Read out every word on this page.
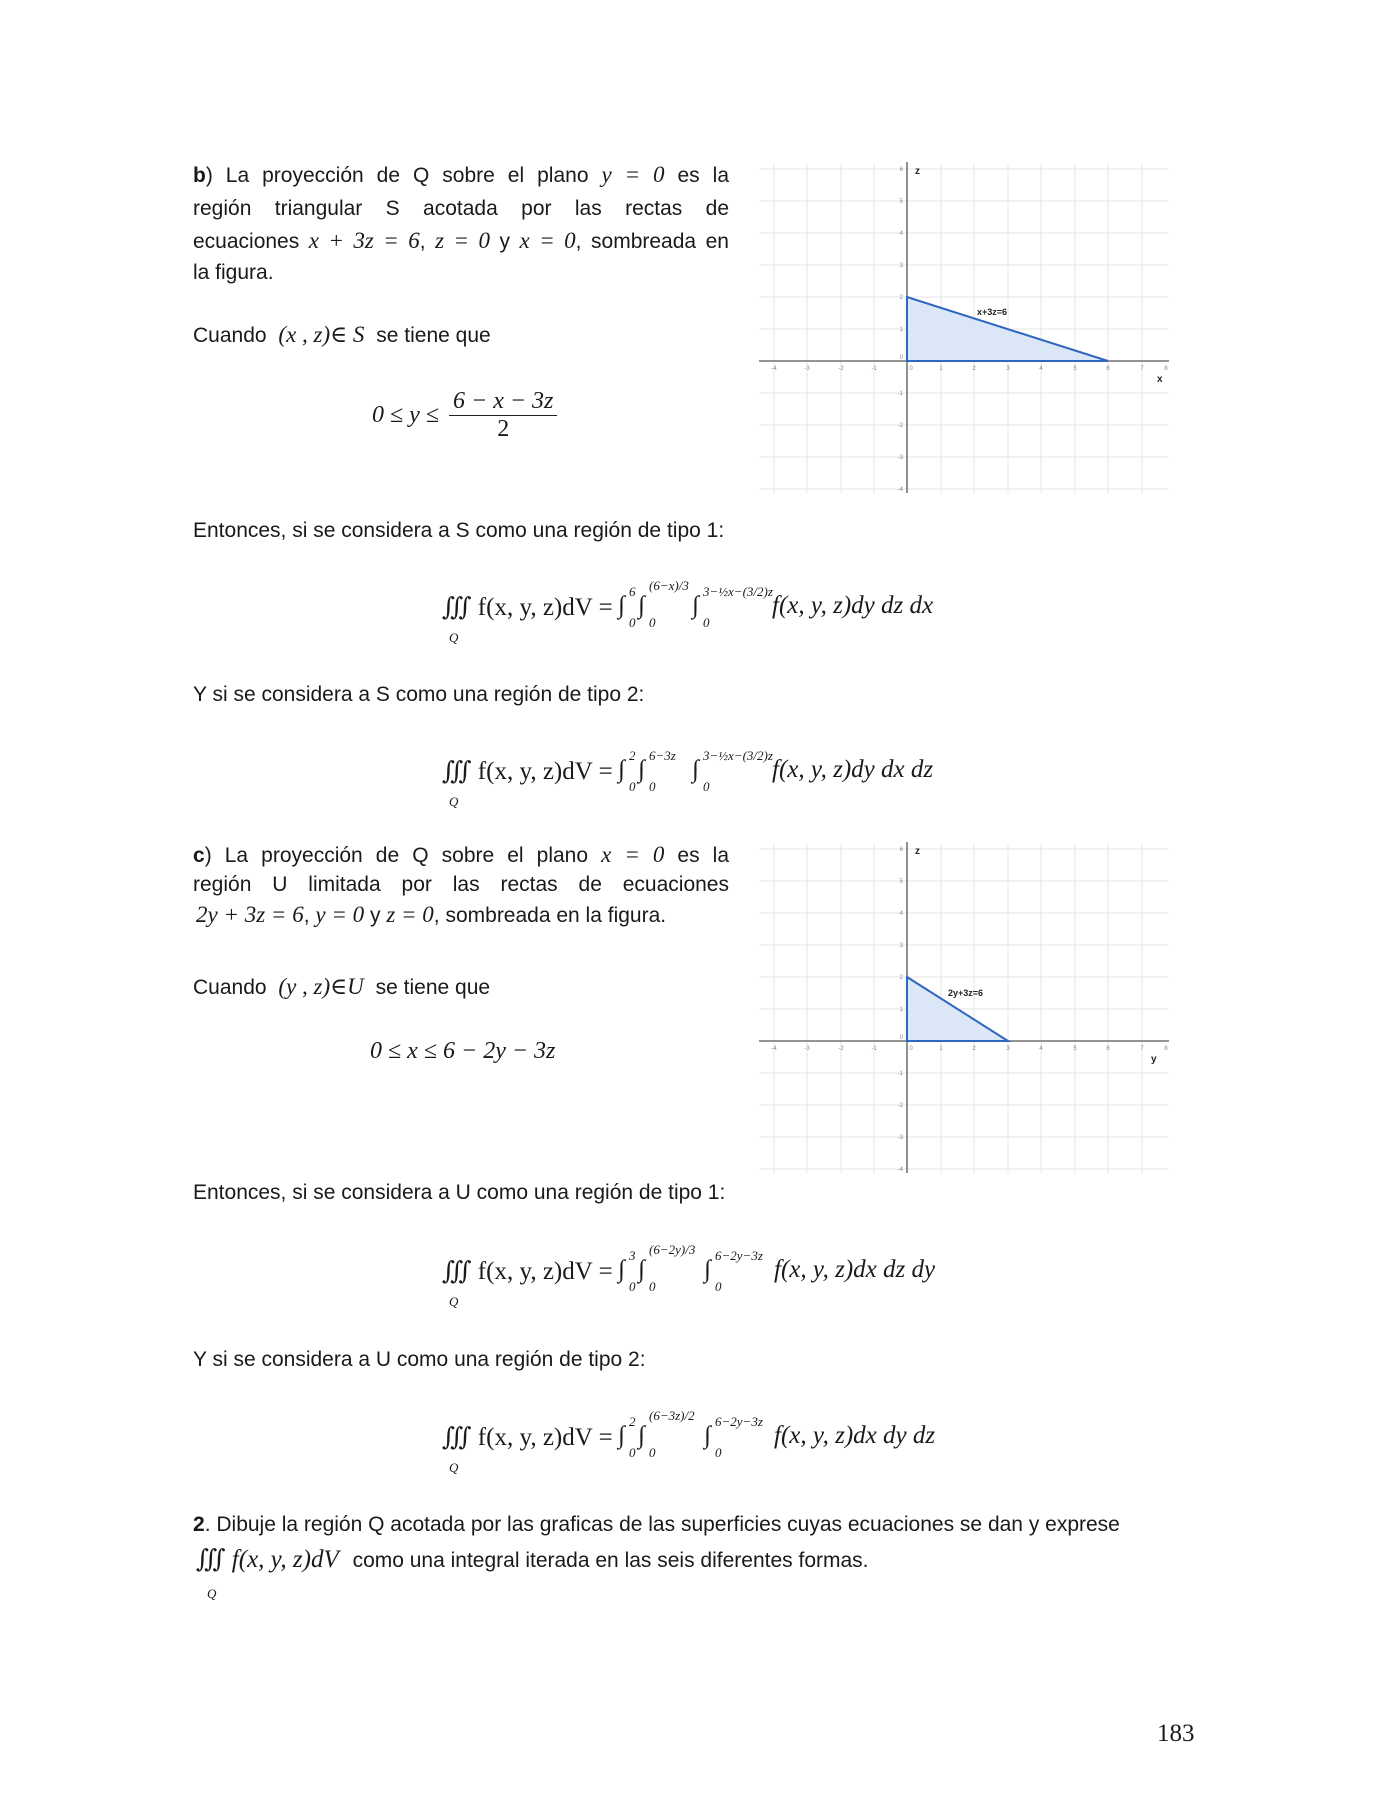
b) La proyección de Q sobre el plano y = 0 es la
región triangular S acotada por las rectas de
ecuaciones x + 3z = 6, z = 0 y x = 0, sombreada en
la figura.
Cuando (x , z)∈ S se tiene que
$0 \le y \le \frac{6 - x - 3z}{2}$
-4	-3	-2	-1	0	1	2	3	4	5	6	7	8
6
5
4
3
2
1
0
-1
-2
-3
-4
z
x
x+3z=6
Entonces, si se considera a S como una región de tipo 1:
∭ f(x, y, z)dV =
Q
∫
0
6
∫
0
(6−x)/3
∫
0
3−½x−(3/2)z
f(x, y, z)dy dz dx
Y si se considera a S como una región de tipo 2:
∭ f(x, y, z)dV =
Q
∫
0
2
∫
0
6−3z
∫
0
3−½x−(3/2)z
f(x, y, z)dy dx dz
c) La proyección de Q sobre el plano x = 0 es la
región U limitada por las rectas de ecuaciones
2y + 3z = 6, y = 0 y z = 0, sombreada en la figura.
Cuando (y , z)∈U se tiene que
0 ≤ x ≤ 6 − 2y − 3z	-4	-3	-2	-1	0	1	2	3	4	5	6	7	8
6
5
4
3
2
1
0
-1
-2
-3
-4
z
y
2y+3z=6
Entonces, si se considera a U como una región de tipo 1:
∭ f(x, y, z)dV =
Q
∫
0
3
∫
0
(6−2y)/3
∫
0
6−2y−3z
f(x, y, z)dx dz dy
Y si se considera a U como una región de tipo 2:
∭ f(x, y, z)dV =
Q
∫
0
2
∫
0
(6−3z)/2
∫
0
6−2y−3z
f(x, y, z)dx dy dz
2. Dibuje la región Q acotada por las graficas de las superficies cuyas ecuaciones se dan y exprese
∭ f(x, y, z)dV como una integral iterada en las seis diferentes formas.
Q
183
